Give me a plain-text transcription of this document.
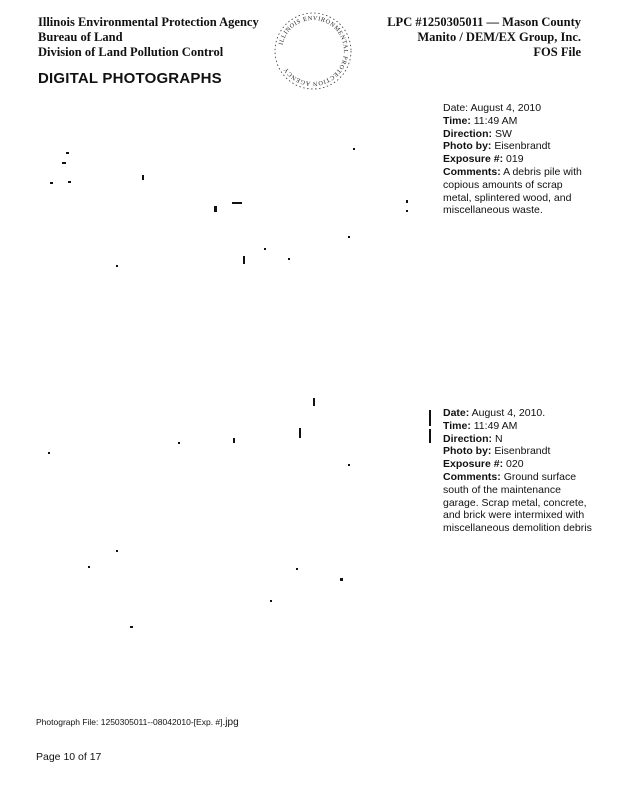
Illinois Environmental Protection Agency
Bureau of Land
Division of Land Pollution Control
ILLINOIS ENVIRONMENTAL PROTECTION AGENCY
LPC #1250305011 — Mason County
Manito / DEM/EX Group, Inc.
FOS File
DIGITAL PHOTOGRAPHS
Date: August 4, 2010
Time: 11:49 AM
Direction: SW
Photo by: Eisenbrandt
Exposure #: 019
Comments: A debris pile with copious amounts of scrap metal, splintered wood, and miscellaneous waste.
Date: August 4, 2010.
Time: 11:49 AM
Direction: N
Photo by: Eisenbrandt
Exposure #: 020
Comments: Ground surface south of the maintenance garage. Scrap metal, concrete, and brick were intermixed with miscellaneous demolition debris
Photograph File: 1250305011--08042010-[Exp. #].jpg
Page 10 of 17
